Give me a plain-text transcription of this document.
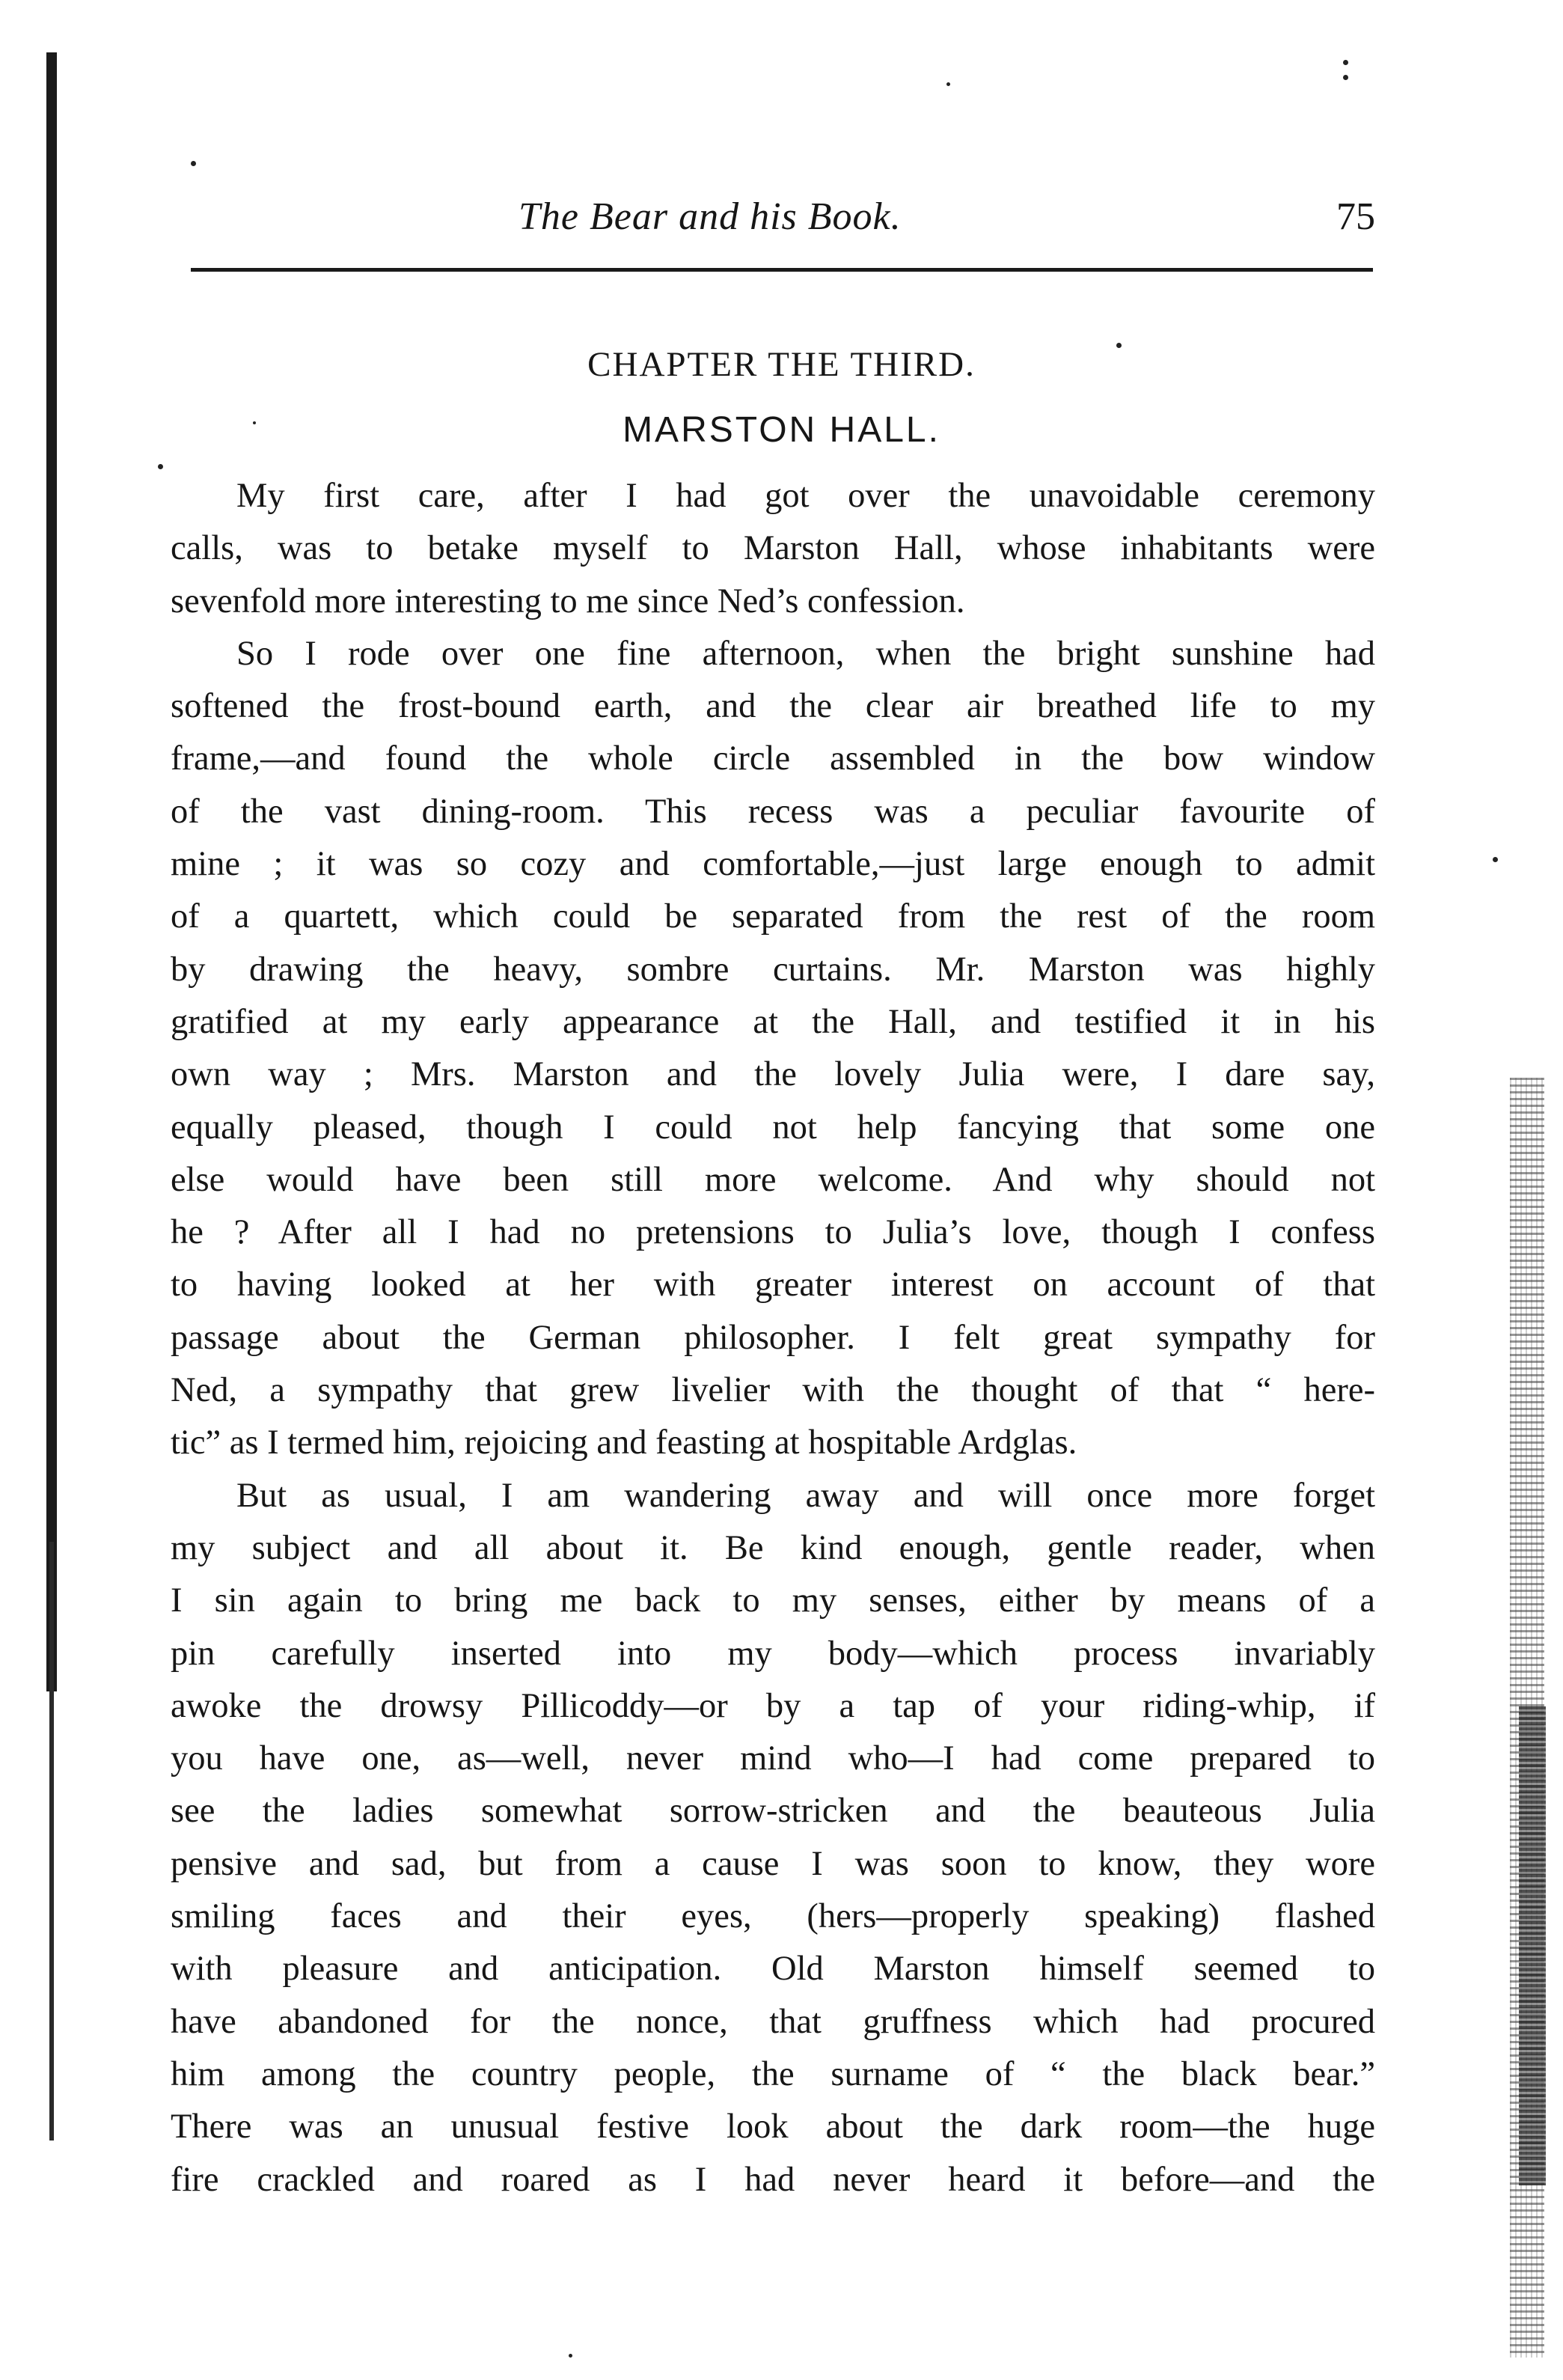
The Bear and his Book.	75
CHAPTER THE THIRD.
MARSTON HALL.
My first care, after I had got over the unavoidable ceremony
calls, was to betake myself to Marston Hall, whose inhabitants were
sevenfold more interesting to me since Ned’s confession.
So I rode over one fine afternoon, when the bright sunshine had
softened the frost-bound earth, and the clear air breathed life to my
frame,—and found the whole circle assembled in the bow window
of the vast dining-room. This recess was a peculiar favourite of
mine ; it was so cozy and comfortable,—just large enough to admit
of a quartett, which could be separated from the rest of the room
by drawing the heavy, sombre curtains. Mr. Marston was highly
gratified at my early appearance at the Hall, and testified it in his
own way ; Mrs. Marston and the lovely Julia were, I dare say,
equally pleased, though I could not help fancying that some one
else would have been still more welcome. And why should not
he ? After all I had no pretensions to Julia’s love, though I confess
to having looked at her with greater interest on account of that
passage about the German philosopher. I felt great sympathy for
Ned, a sympathy that grew livelier with the thought of that “ here-
tic” as I termed him, rejoicing and feasting at hospitable Ardglas.
But as usual, I am wandering away and will once more forget
my subject and all about it. Be kind enough, gentle reader, when
I sin again to bring me back to my senses, either by means of a
pin carefully inserted into my body—which process invariably
awoke the drowsy Pillicoddy—or by a tap of your riding-whip, if
you have one, as—well, never mind who—I had come prepared to
see the ladies somewhat sorrow-stricken and the beauteous Julia
pensive and sad, but from a cause I was soon to know, they wore
smiling faces and their eyes, (hers—properly speaking) flashed
with pleasure and anticipation. Old Marston himself seemed to
have abandoned for the nonce, that gruffness which had procured
him among the country people, the surname of “ the black bear.”
There was an unusual festive look about the dark room—the huge
fire crackled and roared as I had never heard it before—and the
